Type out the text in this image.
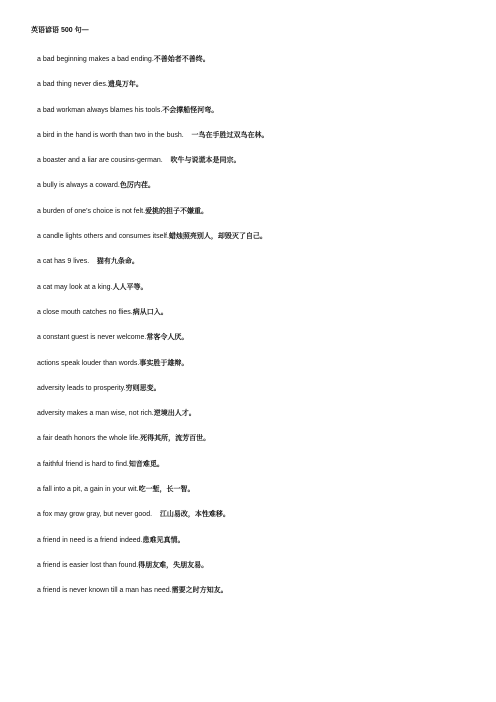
英语谚语 500 句—
a bad beginning makes a bad ending.不善始者不善终。
a bad thing never dies.遗臭万年。
a bad workman always blames his tools.不会撑船怪河弯。
a bird in the hand is worth than two in the bush. 一鸟在手胜过双鸟在林。
a boaster and a liar are cousins-german. 吹牛与说谎本是同宗。
a bully is always a coward.色厉内荏。
a burden of one’s choice is not felt.爱挑的担子不嫌重。
a candle lights others and consumes itself.蜡烛照亮别人，却毁灭了自己。
a cat has 9 lives. 猫有九条命。
a cat may look at a king.人人平等。
a close mouth catches no flies.病从口入。
a constant guest is never welcome.常客令人厌。
actions speak louder than words.事实胜于雄辩。
adversity leads to prosperity.穷则思变。
adversity makes a man wise, not rich.逆境出人才。
a fair death honors the whole life.死得其所，流芳百世。
a faithful friend is hard to find.知音难觅。
a fall into a pit, a gain in your wit.吃一堑，长一智。
a fox may grow gray, but never good. 江山易改，本性难移。
a friend in need is a friend indeed.患难见真情。
a friend is easier lost than found.得朋友难，失朋友易。
a friend is never known till a man has need.需要之时方知友。
